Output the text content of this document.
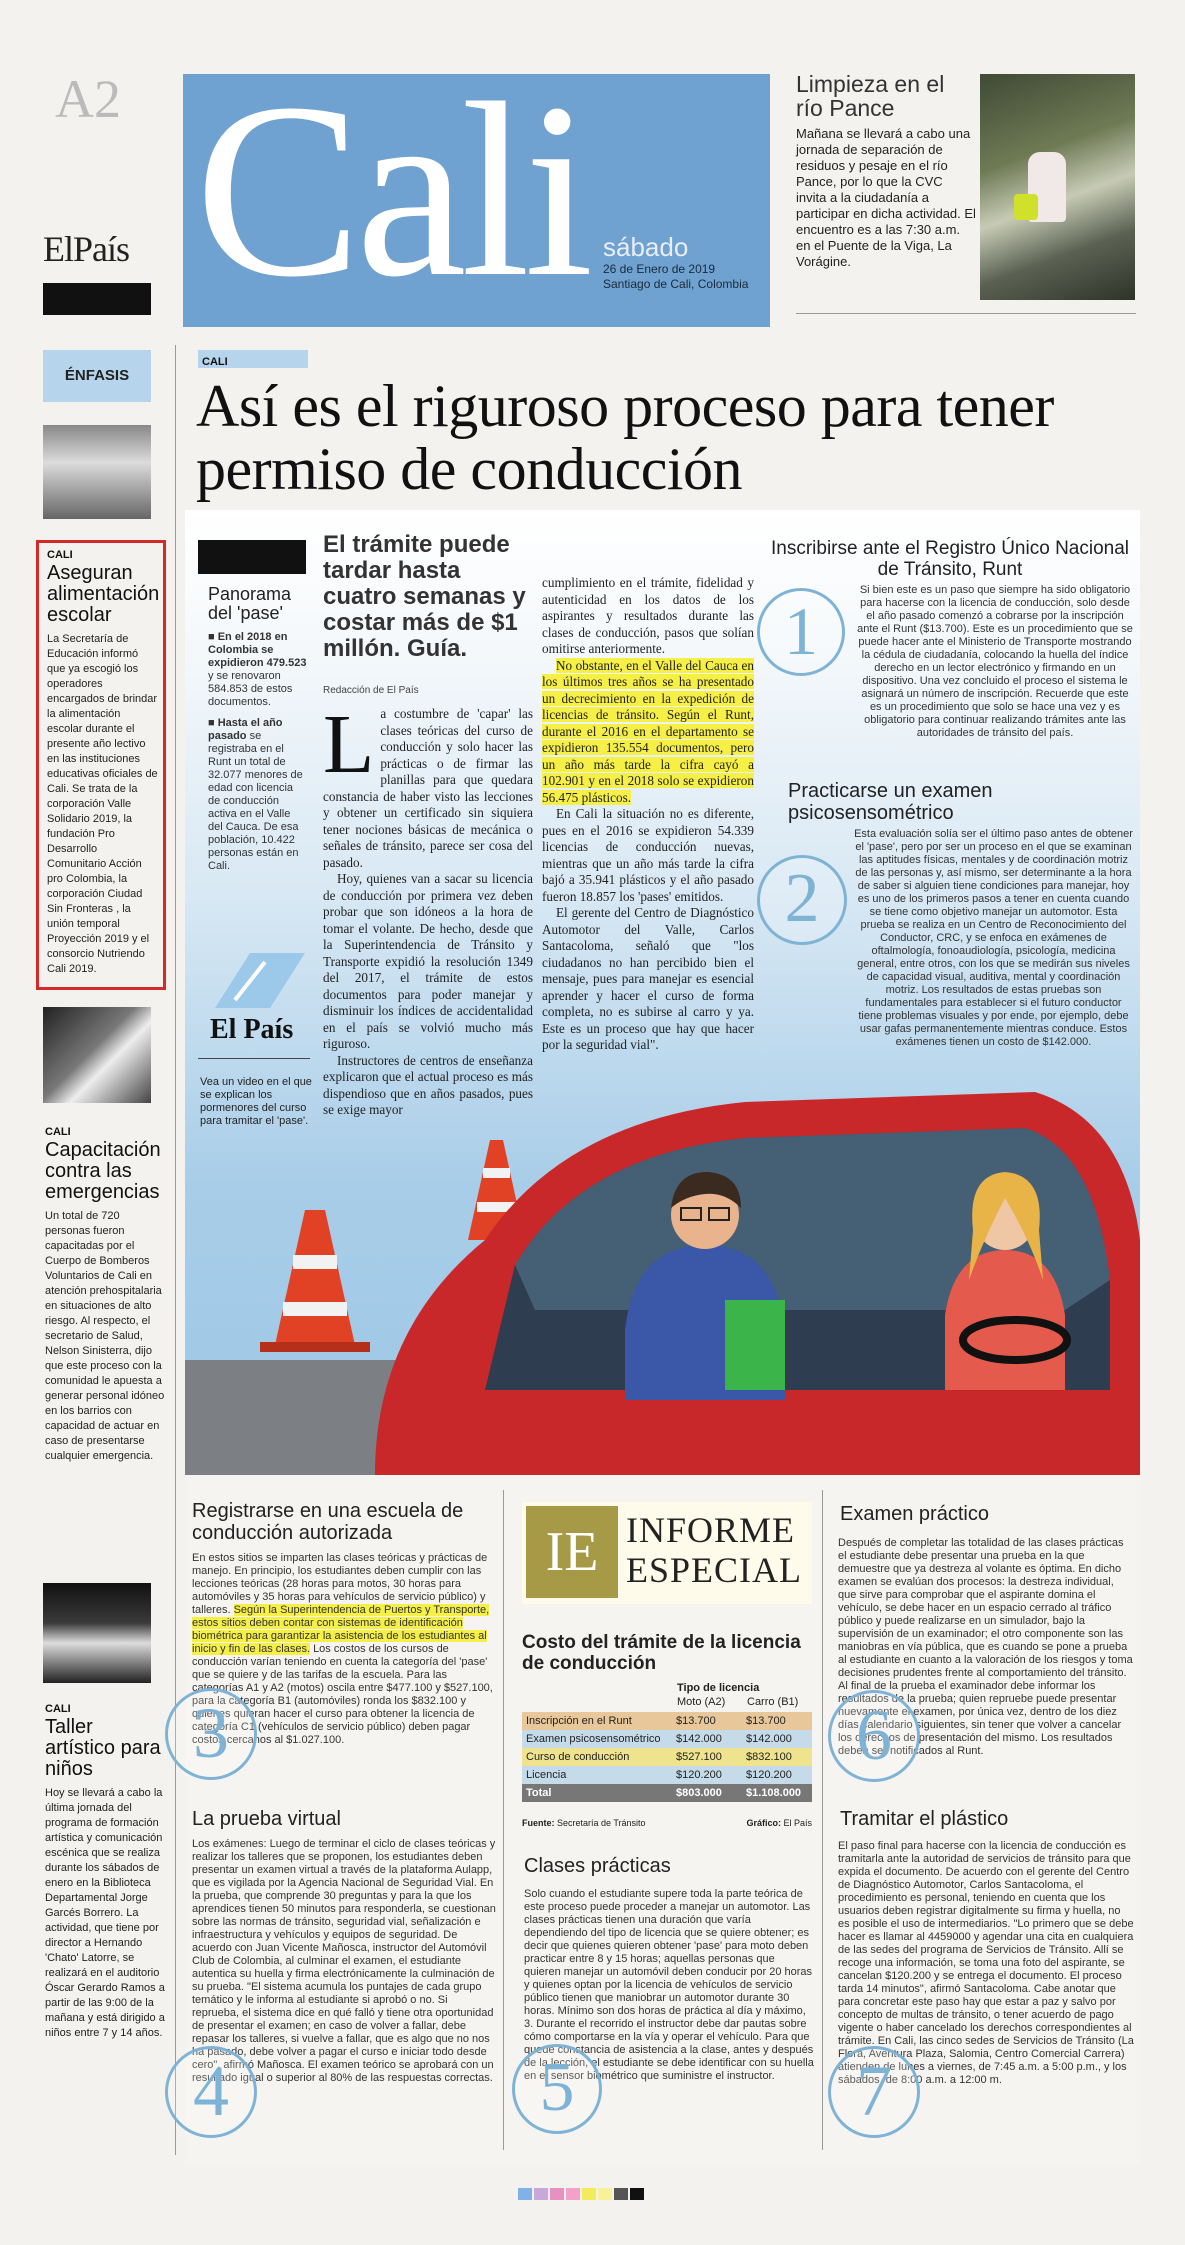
A2
ElPaís Cali sábado
26 de Enero de 2019
Santiago de Cali, Colombia
Limpieza en el río Pance
Mañana se llevará a cabo una jornada de separación de residuos y pesaje en el río Pance, por lo que la CVC invita a la ciudadanía a participar en dicha actividad. El encuentro es a las 7:30 a.m. en el Puente de la Viga, La Vorágine.
ÉNFASIS
CALI
Aseguran alimentación escolar
La Secretaría de Educación informó que ya escogió los operadores encargados de brindar la alimentación escolar durante el presente año lectivo en las instituciones educativas oficiales de Cali. Se trata de la corporación Valle Solidario 2019, la fundación Pro Desarrollo Comunitario Acción pro Colombia, la corporación Ciudad Sin Fronteras , la unión temporal Proyección 2019 y el consorcio Nutriendo Cali 2019.
CALI
Capacitación contra las emergencias
Un total de 720 personas fueron capacitadas por el Cuerpo de Bomberos Voluntarios de Cali en atención prehospitalaria en situaciones de alto riesgo. Al respecto, el secretario de Salud, Nelson Sinisterra, dijo que este proceso con la comunidad le apuesta a generar personal idóneo en los barrios con capacidad de actuar en caso de presentarse cualquier emergencia.
CALI
Taller artístico para niños
Hoy se llevará a cabo la última jornada del programa de formación artística y comunicación escénica que se realiza durante los sábados de enero en la Biblioteca Departamental Jorge Garcés Borrero. La actividad, que tiene por director a Hernando 'Chato' Latorre, se realizará en el auditorio Óscar Gerardo Ramos a partir de las 9:00 de la mañana y está dirigido a niños entre 7 y 14 años.
CALI
Así es el riguroso proceso para tener permiso de conducción
Panorama del 'pase'

■ En el 2018 en Colombia se expidieron 479.523 y se renovaron 584.853 de estos documentos.

■ Hasta el año pasado se registraba en el Runt un total de 32.077 menores de edad con licencia de conducción activa en el Valle del Cauca. De esa población, 10.422 personas están en Cali.

El País
Vea un video en el que se explican los pormenores del curso para tramitar el 'pase'.
El trámite puede tardar hasta cuatro semanas y costar más de $1 millón. Guía.
Redacción de El País
L a costumbre de 'capar' las clases teóricas del curso de conducción y solo hacer las prácticas o de firmar las planillas para que quedara constancia de haber visto las lecciones y obtener un certificado sin siquiera tener nociones básicas de mecánica o señales de tránsito, parece ser cosa del pasado.

Hoy, quienes van a sacar su licencia de conducción por primera vez deben probar que son idóneos a la hora de tomar el volante. De hecho, desde que la Superintendencia de Tránsito y Transporte expidió la resolución 1349 del 2017, el trámite de estos documentos para poder manejar y disminuir los índices de accidentalidad en el país se volvió mucho más riguroso.

Instructores de centros de enseñanza explicaron que el actual proceso es más dispendioso que en años pasados, pues se exige mayor

cumplimiento en el trámite, fidelidad y autenticidad en los datos de los aspirantes y resultados durante las clases de conducción, pasos que solían omitirse anteriormente.

No obstante, en el Valle del Cauca en los últimos tres años se ha presentado un decrecimiento en la expedición de licencias de tránsito. Según el Runt, durante el 2016 en el departamento se expidieron 135.554 documentos, pero un año más tarde la cifra cayó a 102.901 y en el 2018 solo se expidieron 56.475 plásticos.

En Cali la situación no es diferente, pues en el 2016 se expidieron 54.339 licencias de conducción nuevas, mientras que un año más tarde la cifra bajó a 35.941 plásticos y el año pasado fueron 18.857 los 'pases' emitidos.

El gerente del Centro de Diagnóstico Automotor del Valle, Carlos Santacoloma, señaló que "los ciudadanos no han percibido bien el mensaje, pues para manejar es esencial aprender y hacer el curso de forma completa, no es subirse al carro y ya. Este es un proceso que hay que hacer por la seguridad vial".

Inscribirse ante el Registro Único Nacional de Tránsito, Runt
1

Si bien este es un paso que siempre ha sido obligatorio para hacerse con la licencia de conducción, solo desde el año pasado comenzó a cobrarse por la inscripción ante el Runt ($13.700). Este es un procedimiento que se puede hacer ante el Ministerio de Transporte mostrando la cédula de ciudadanía, colocando la huella del índice derecho en un lector electrónico y firmando en un dispositivo. Una vez concluido el proceso el sistema le asignará un número de inscripción. Recuerde que este es un procedimiento que solo se hace una vez y es obligatorio para continuar realizando trámites ante las autoridades de tránsito del país.

Practicarse un examen psicosensométrico
2

Esta evaluación solía ser el último paso antes de obtener el 'pase', pero por ser un proceso en el que se examinan las aptitudes físicas, mentales y de coordinación motriz de las personas y, así mismo, ser determinante a la hora de saber si alguien tiene condiciones para manejar, hoy es uno de los primeros pasos a tener en cuenta cuando se tiene como objetivo manejar un automotor. Esta prueba se realiza en un Centro de Reconocimiento del Conductor, CRC, y se enfoca en exámenes de oftalmología, fonoaudiología, psicología, medicina general, entre otros, con los que se medirán sus niveles de capacidad visual, auditiva, mental y coordinación motriz. Los resultados de estas pruebas son fundamentales para establecer si el futuro conductor tiene problemas visuales y por ende, por ejemplo, debe usar gafas permanentemente mientras conduce. Estos exámenes tienen un costo de $142.000.

Registrarse en una escuela de conducción autorizada

En estos sitios se imparten las clases teóricas y prácticas de manejo. En principio, los estudiantes deben cumplir con las lecciones teóricas (28 horas para motos, 30 horas para automóviles y 35 horas para vehículos de servicio público) y talleres. Según la Superintendencia de Puertos y Transporte, estos sitios deben contar con sistemas de identificación biométrica para garantizar la asistencia de los estudiantes al inicio y fin de las clases. Los costos de los cursos de conducción varían teniendo en cuenta la categoría del 'pase' que se quiere y de las tarifas de la escuela. Para las categorías A1 y A2 (motos) oscila entre $477.100 y $527.100, para la categoría B1 (automóviles) ronda los $832.100 y quienes quieran hacer el curso para obtener la licencia de categoría C1 (vehículos de servicio público) deben pagar costos cercanos al $1.027.100.

3
La prueba virtual

Los exámenes: Luego de terminar el ciclo de clases teóricas y realizar los talleres que se proponen, los estudiantes deben presentar un examen virtual a través de la plataforma Aulapp, que es vigilada por la Agencia Nacional de Seguridad Vial. En la prueba, que comprende 30 preguntas y para la que los aprendices tienen 50 minutos para responderla, se cuestionan sobre las normas de tránsito, seguridad vial, señalización e infraestructura y vehículos y equipos de seguridad. De acuerdo con Juan Vicente Mañosca, instructor del Automóvil Club de Colombia, al culminar el examen, el estudiante autentica su huella y firma electrónicamente la culminación de su prueba. "El sistema acumula los puntajes de cada grupo temático y le informa al estudiante si aprobó o no. Si reprueba, el sistema dice en qué falló y tiene otra oportunidad de presentar el examen; en caso de volver a fallar, debe repasar los talleres, si vuelve a fallar, que es algo que no nos ha pasado, debe volver a pagar el curso e iniciar todo desde cero", afirmó Mañosca. El examen teórico se aprobará con un resultado igual o superior al 80% de las respuestas correctas.

4
IE INFORME
ESPECIAL
Costo del trámite de la licencia de conducción
Tipo de licencia
Moto (A2)	Carro (B1)
Inscripción en el Runt	$13.700	$13.700
Examen psicosensométrico	$142.000	$142.000
Curso de conducción	$527.100	$832.100
Licencia	$120.200	$120.200
Total	$803.000	$1.108.000
Fuente: Secretaría de Tránsito	Gráfico: El País
Clases prácticas

Solo cuando el estudiante supere toda la parte teórica de este proceso puede proceder a manejar un automotor. Las clases prácticas tienen una duración que varía dependiendo del tipo de licencia que se quiere obtener; es decir que quienes quieren obtener 'pase' para moto deben practicar entre 8 y 15 horas; aquellas personas que quieren manejar un automóvil deben conducir por 20 horas y quienes optan por la licencia de vehículos de servicio público tienen que maniobrar un automotor durante 30 horas. Mínimo son dos horas de práctica al día y máximo, 3. Durante el recorrido el instructor debe dar pautas sobre cómo comportarse en la vía y operar el vehículo. Para que quede constancia de asistencia a la clase, antes y después de la lección, el estudiante se debe identificar con su huella en el sensor biométrico que suministre el instructor.

5
Examen práctico

Después de completar las totalidad de las clases prácticas el estudiante debe presentar una prueba en la que demuestre que ya destreza al volante es óptima. En dicho examen se evalúan dos procesos: la destreza individual, que sirve para comprobar que el aspirante domina el vehículo, se debe hacer en un espacio cerrado al tráfico público y puede realizarse en un simulador, bajo la supervisión de un examinador; el otro componente son las maniobras en vía pública, que es cuando se pone a prueba al estudiante en cuanto a la valoración de los riesgos y toma decisiones prudentes frente al comportamiento del tránsito. Al final de la prueba el examinador debe informar los resultados de la prueba; quien repruebe puede presentar nuevamente el examen, por única vez, dentro de los diez días calendario siguientes, sin tener que volver a cancelar los derechos de presentación del mismo. Los resultados deben ser notificados al Runt.

6
Tramitar el plástico

El paso final para hacerse con la licencia de conducción es tramitarla ante la autoridad de servicios de tránsito para que expida el documento. De acuerdo con el gerente del Centro de Diagnóstico Automotor, Carlos Santacoloma, el procedimiento es personal, teniendo en cuenta que los usuarios deben registrar digitalmente su firma y huella, no es posible el uso de intermediarios. "Lo primero que se debe hacer es llamar al 4459000 y agendar una cita en cualquiera de las sedes del programa de Servicios de Tránsito. Allí se recoge una información, se toma una foto del aspirante, se cancelan $120.200 y se entrega el documento. El proceso tarda 14 minutos", afirmó Santacoloma. Cabe anotar que para concretar este paso hay que estar a paz y salvo por concepto de multas de tránsito, o tener acuerdo de pago vigente o haber cancelado los derechos correspondientes al trámite. En Cali, las cinco sedes de Servicios de Tránsito (La Flora, Aventura Plaza, Salomia, Centro Comercial Carrera) atienden de lunes a viernes, de 7:45 a.m. a 5:00 p.m., y los sábados, de 8:00 a.m. a 12:00 m.

7
